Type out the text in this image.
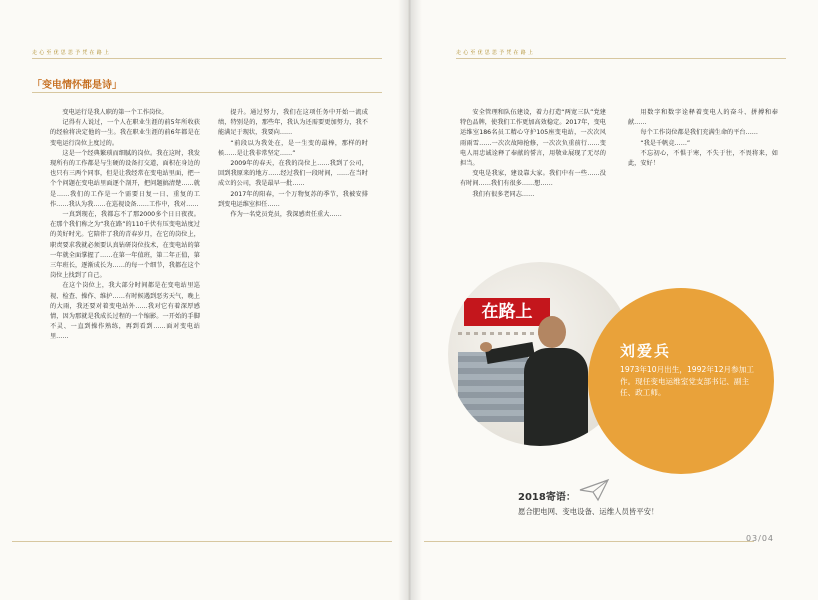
走 心 至 优 思 思 予 凭 在 路 上	走 心 至 优 思 思 予 凭 在 路 上
「变电情怀都是诗」

变电运行是我人职的第一个工作岗位。

记得有人说过，一个人在职业生涯的前5年所收获的经验将决定他的一生。我在职业生涯的前6年都是在变电运行岗位上度过的。

这是一个经典繁琐而细腻的岗位。我在这时，我发现所有的工作都是与生硬的设备打交道，面积在身边的也只有三两个同事，但是让我经常在变电站里面，把一个个问题在变电站里面逐个剖开，把问题搞清楚……就是……我们的工作是一个需要日复一日、重复的工作……我认为我……在巡视设备……工作中，我对……

一真到现在，我都忘不了那2000多个日日夜夜。在那个我们称之为“我在路”的110千伏有压变电站度过的美好时光。它陪伴了我的青春岁月，在它的岗位上，职责要求我就必须要认真钻研岗位技术，在变电站的第一年就全面掌握了……在第一年值班，第二年正值，第三年班长，逐渐成长为……的每一个细节，我都在这个岗位上找到了自己。

在这个岗位上，我大部分时间都是在变电站里巡视、检查、操作、维护……有时候遇到恶劣天气，晚上的大雨，我还要对着变电站外……我对它有着深厚感情，因为那就是我成长过程的一个缩影。一开始的手脚不灵、一直到操作熟练，再到看到……面对变电站里……

提升。通过努力，我们在这项任务中开始一流成绩，特别是的，那些年，我认为还需要更加努力，我不能满足于现状，我要向……

“前段以为我处在，是一生变的最棒，那样的时候……是让我非常坚定……”

2009年的春天，在我的岗位上……我到了公司，回到我原来的地方……经过我们一段时间，……在当时成立的公司，我是最早一批……

2017年的阳春，一个万物复苏的季节，我被安排到变电运维室担任……

作为一名党员党员，我深感责任重大……

安全管理和队伍建设，着力打造“两宽三队”党建特色品牌，使我们工作更加高效稳定。2017年，变电运维室186名员工精心守护105座变电站，一次次风雨雨雪……一次次故障抢修，一次次负重前行……变电人用忠诚诠释了奉献的誓言，用敬业展现了无尽的担当。

变电是我家，建设靠大家。我们中有一些……没有时间……我们有很多……想……

我们有很多老同志……

用数字和数字诠释着变电人的奋斗、拼搏和奉献……

每个工作岗位都是我们充满生命的平台……

“我是千帆竞……”

不忘初心，不惧于寒，不失于往，不畏将来，如此，安好！

在路上
刘爱兵
1973年10月出生，1992年12月参加工作。现任变电运维室党支部书记、副主任、政工师。
2018寄语：
愿合肥电网、变电设备、运维人员皆平安！
03/04
